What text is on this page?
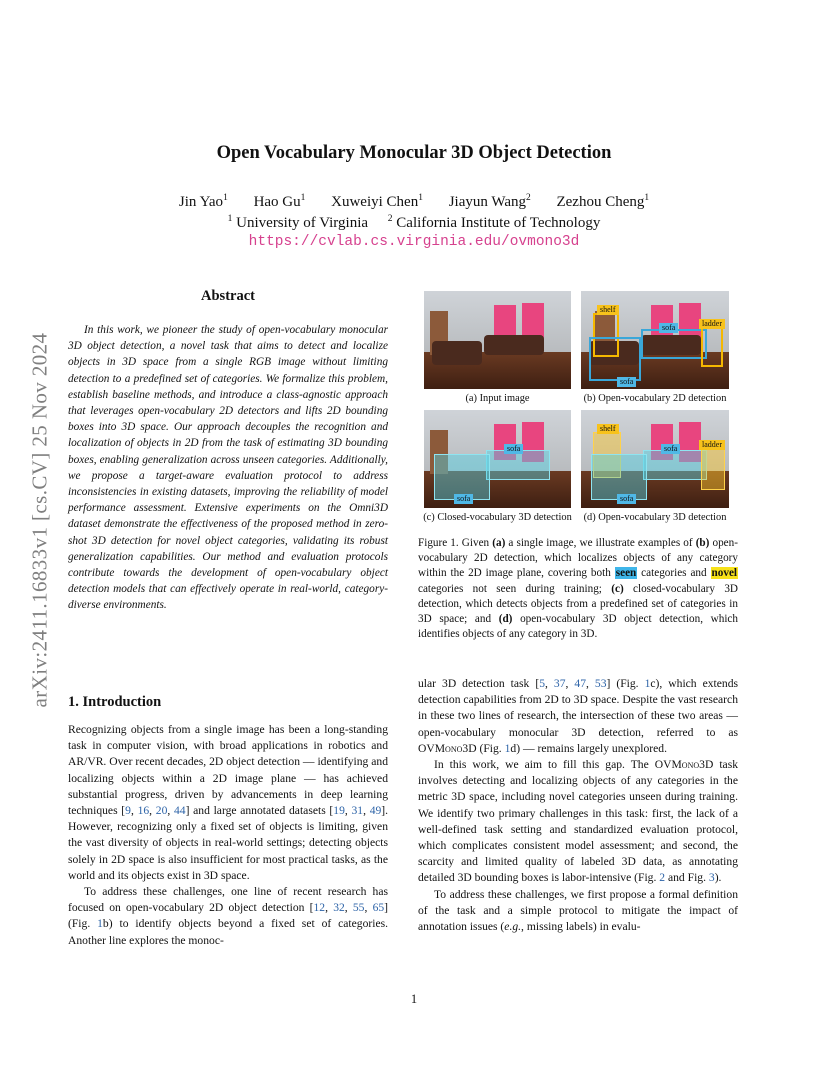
arXiv:2411.16833v1 [cs.CV] 25 Nov 2024
Open Vocabulary Monocular 3D Object Detection
Jin Yao$^1$ Hao Gu$^1$ Xuweiyi Chen$^1$ Jiayun Wang$^2$ Zezhou Cheng$^1$
$^1$ University of Virginia $^2$ California Institute of Technology
https://cvlab.cs.virginia.edu/ovmono3d
Abstract

In this work, we pioneer the study of open-vocabulary monocular 3D object detection, a novel task that aims to detect and localize objects in 3D space from a single RGB image without limiting detection to a predefined set of categories. We formalize this problem, establish baseline methods, and introduce a class-agnostic approach that leverages open-vocabulary 2D detectors and lifts 2D bounding boxes into 3D space. Our approach decouples the recognition and localization of objects in 2D from the task of estimating 3D bounding boxes, enabling generalization across unseen categories. Additionally, we propose a target-aware evaluation protocol to address inconsistencies in existing datasets, improving the reliability of model performance assessment. Extensive experiments on the Omni3D dataset demonstrate the effectiveness of the proposed method in zero-shot 3D detection for novel object categories, validating its robust generalization capabilities. Our method and evaluation protocols contribute towards the development of open-vocabulary object detection models that can effectively operate in real-world, category-diverse environments.

shelf
sofa	ladder
sofa
(a) Input image	(b) Open-vocabulary 2D detection
sofa
sofa
shelf
sofa	ladder
sofa
(c) Closed-vocabulary 3D detection	(d) Open-vocabulary 3D detection

Figure 1. Given (a) a single image, we illustrate examples of (b) open-vocabulary 2D detection, which localizes objects of any category within the 2D image plane, covering both seen categories and novel categories not seen during training; (c) closed-vocabulary 3D detection, which detects objects from a predefined set of categories in 3D space; and (d) open-vocabulary 3D object detection, which identifies objects of any category in 3D.

1. Introduction

Recognizing objects from a single image has been a long-standing task in computer vision, with broad applications in robotics and AR/VR. Over recent decades, 2D object detection — identifying and localizing objects within a 2D image plane — has achieved substantial progress, driven by advancements in deep learning techniques [9, 16, 20, 44] and large annotated datasets [19, 31, 49]. However, recognizing only a fixed set of objects is limiting, given the vast diversity of objects in real-world settings; detecting objects solely in 2D space is also insufficient for most practical tasks, as the world and its objects exist in 3D space.

To address these challenges, one line of recent research has focused on open-vocabulary 2D object detection [12, 32, 55, 65] (Fig. 1b) to identify objects beyond a fixed set of categories. Another line explores the monoc-

ular 3D detection task [5, 37, 47, 53] (Fig. 1c), which extends detection capabilities from 2D to 3D space. Despite the vast research in these two lines of research, the intersection of these two areas — open-vocabulary monocular 3D detection, referred to as OVMono3D (Fig. 1d) — remains largely unexplored.

In this work, we aim to fill this gap. The OVMono3D task involves detecting and localizing objects of any categories in the metric 3D space, including novel categories unseen during training. We identify two primary challenges in this task: first, the lack of a well-defined task setting and standardized evaluation protocol, which complicates consistent model assessment; and second, the scarcity and limited quality of labeled 3D data, as annotating detailed 3D bounding boxes is labor-intensive (Fig. 2 and Fig. 3).

To address these challenges, we first propose a formal definition of the task and a simple protocol to mitigate the impact of annotation issues (e.g., missing labels) in evalu-

1
